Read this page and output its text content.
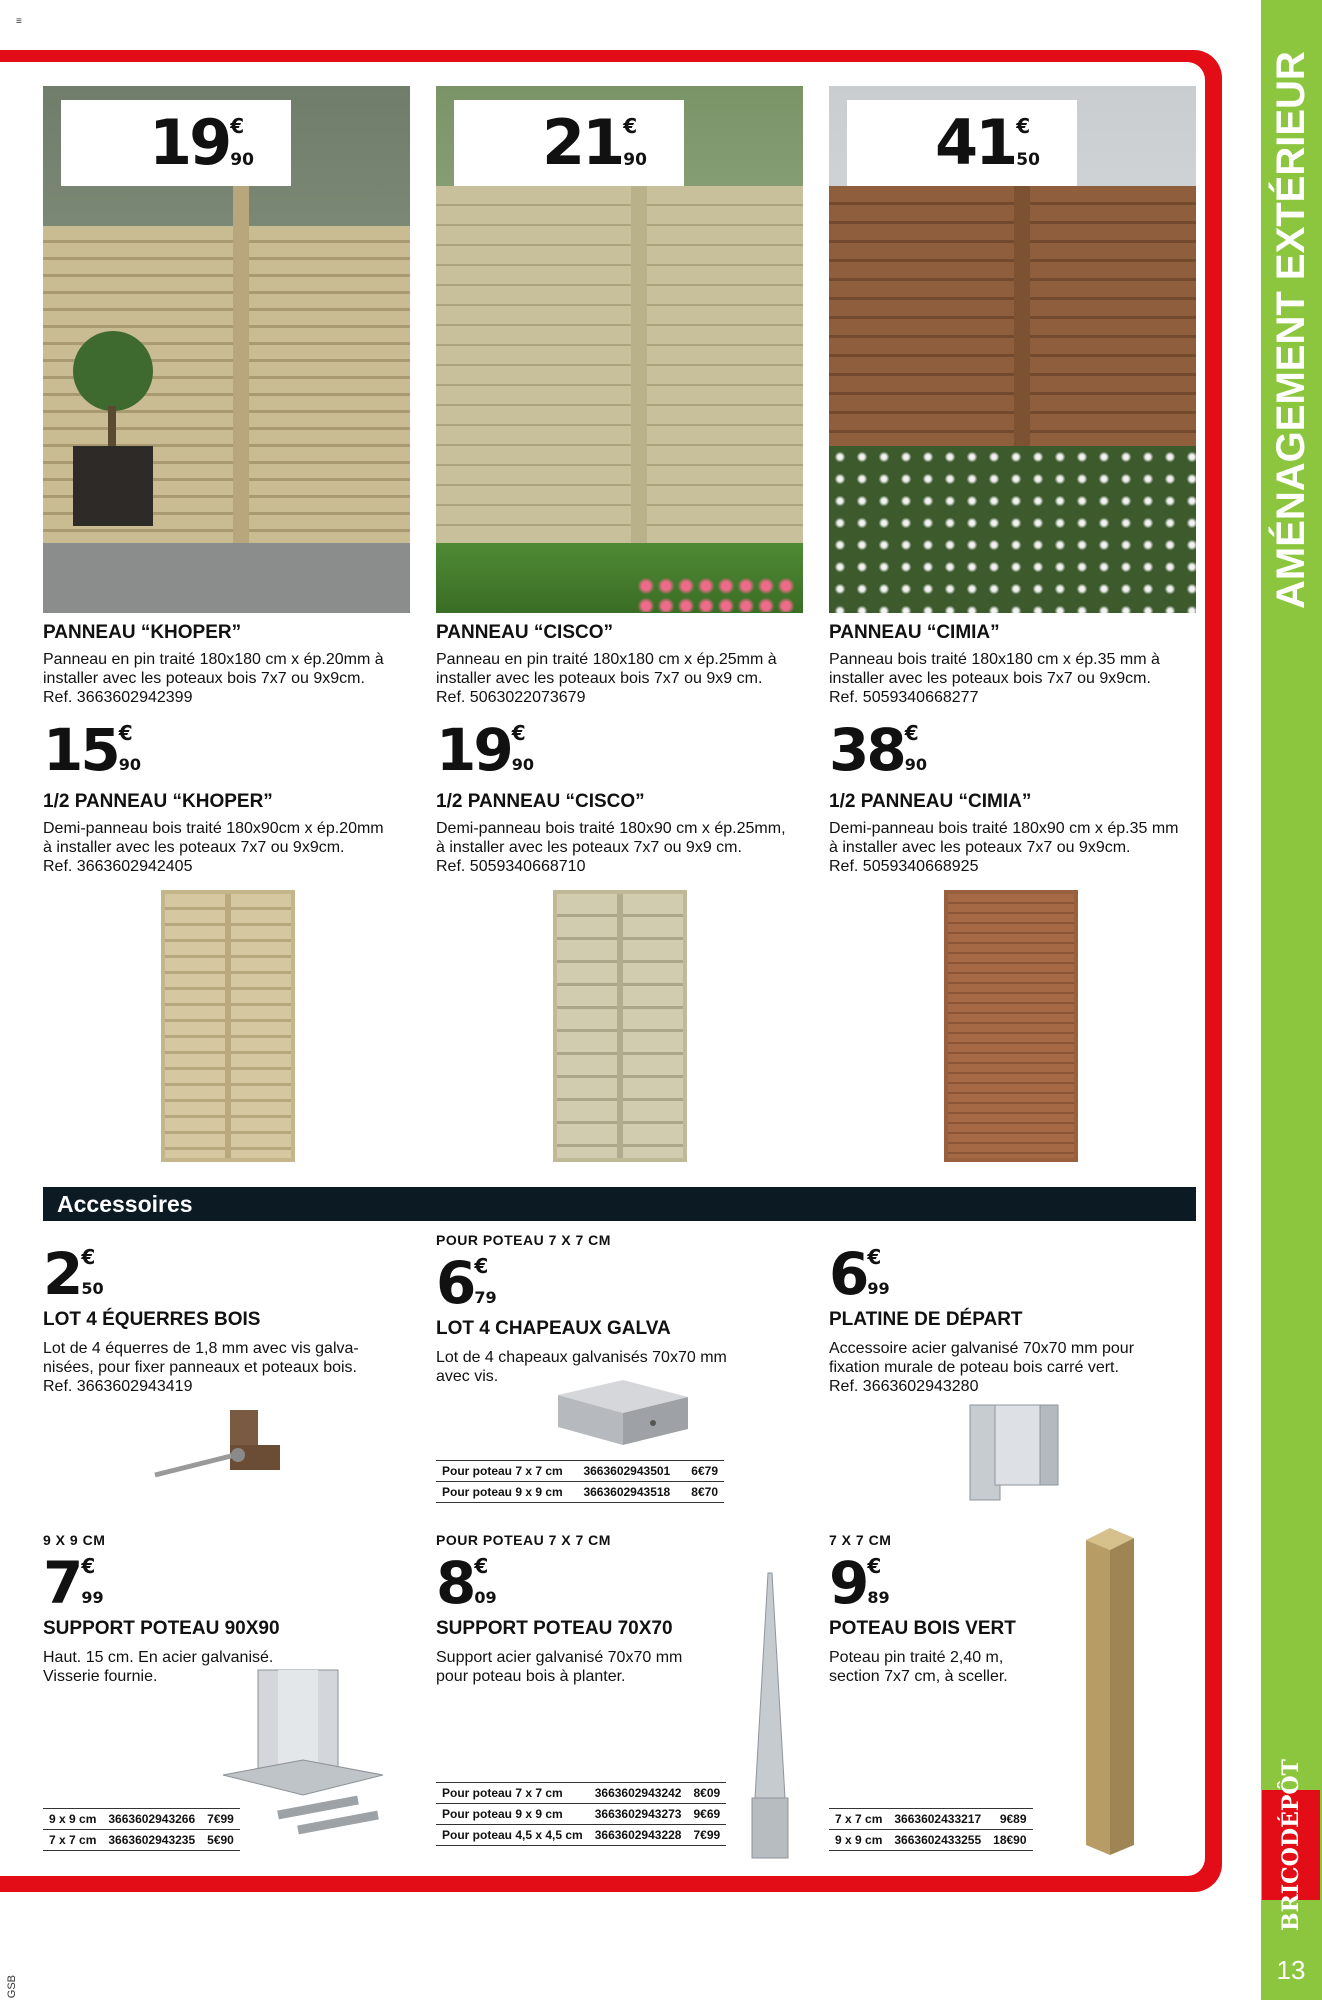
AMÉNAGEMENT EXTÉRIEUR
BRICO
DÉPÔT
13
GSB
≡
19 €
90	21 €
90	41 €
50
PANNEAU “KHOPER”
Panneau en pin traité 180x180 cm x ép.20mm à
installer avec les poteaux bois 7x7 ou 9x9cm.
Ref. 3663602942399
15 €
90
1/2 PANNEAU “KHOPER”
Demi-panneau bois traité 180x90cm x ép.20mm
à installer avec les poteaux 7x7 ou 9x9cm.
Ref. 3663602942405
PANNEAU “CISCO”
Panneau en pin traité 180x180 cm x ép.25mm à
installer avec les poteaux bois 7x7 ou 9x9 cm.
Ref. 5063022073679
19 €
90
1/2 PANNEAU “CISCO”
Demi-panneau bois traité 180x90 cm x ép.25mm,
à installer avec les poteaux 7x7 ou 9x9 cm.
Ref. 5059340668710
PANNEAU “CIMIA”
Panneau bois traité 180x180 cm x ép.35 mm à
installer avec les poteaux bois 7x7 ou 9x9cm.
Ref. 5059340668277
38 €
90
1/2 PANNEAU “CIMIA”
Demi-panneau bois traité 180x90 cm x ép.35 mm
à installer avec les poteaux 7x7 ou 9x9cm.
Ref. 5059340668925
Accessoires
2 €
50
LOT 4 ÉQUERRES BOIS
Lot de 4 équerres de 1,8 mm avec vis galva-
nisées, pour fixer panneaux et poteaux bois.
Ref. 3663602943419
POUR POTEAU 7 X 7 CM
6 €
79
LOT 4 CHAPEAUX GALVA
Lot de 4 chapeaux galvanisés 70x70 mm
avec vis.
Pour poteau 7 x 7 cm	3663602943501	6€79
Pour poteau 9 x 9 cm	3663602943518	8€70
6 €
99
PLATINE DE DÉPART
Accessoire acier galvanisé 70x70 mm pour
fixation murale de poteau bois carré vert.
Ref. 3663602943280
9 X 9 CM
7 €
99
SUPPORT POTEAU 90X90
Haut. 15 cm. En acier galvanisé.
Visserie fournie.
9 x 9 cm	3663602943266	7€99
7 x 7 cm	3663602943235	5€90
POUR POTEAU 7 X 7 CM
8 €
09
SUPPORT POTEAU 70X70
Support acier galvanisé 70x70 mm
pour poteau bois à planter.
Pour poteau 7 x 7 cm	3663602943242	8€09
Pour poteau 9 x 9 cm	3663602943273	9€69
Pour poteau 4,5 x 4,5 cm	3663602943228	7€99
7 X 7 CM
9 €
89
POTEAU BOIS VERT
Poteau pin traité 2,40 m,
section 7x7 cm, à sceller.
7 x 7 cm	3663602433217	9€89
9 x 9 cm	3663602433255	18€90
